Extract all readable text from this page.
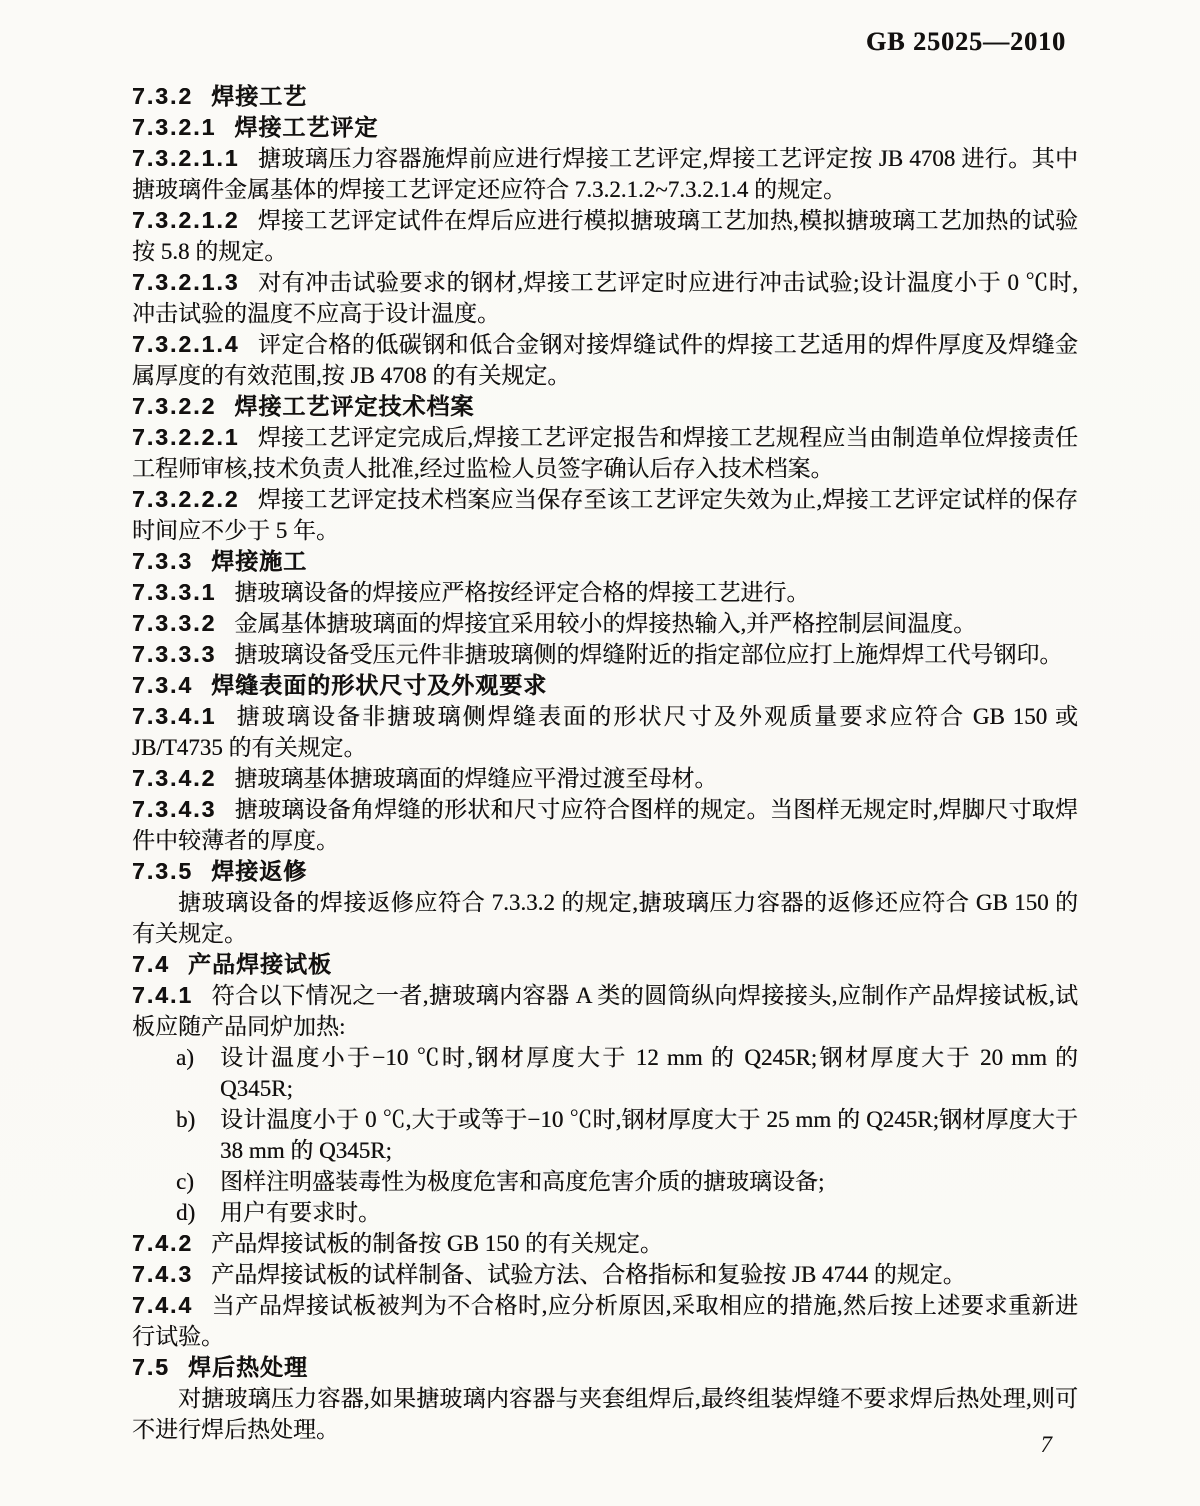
GB 25025—2010
7.3.2 焊接工艺
7.3.2.1 焊接工艺评定
7.3.2.1.1 搪玻璃压力容器施焊前应进行焊接工艺评定,焊接工艺评定按 JB 4708 进行。其中搪玻璃件金属基体的焊接工艺评定还应符合 7.3.2.1.2~7.3.2.1.4 的规定。
7.3.2.1.2 焊接工艺评定试件在焊后应进行模拟搪玻璃工艺加热,模拟搪玻璃工艺加热的试验按 5.8 的规定。
7.3.2.1.3 对有冲击试验要求的钢材,焊接工艺评定时应进行冲击试验;设计温度小于 0 ℃时,冲击试验的温度不应高于设计温度。
7.3.2.1.4 评定合格的低碳钢和低合金钢对接焊缝试件的焊接工艺适用的焊件厚度及焊缝金属厚度的有效范围,按 JB 4708 的有关规定。
7.3.2.2 焊接工艺评定技术档案
7.3.2.2.1 焊接工艺评定完成后,焊接工艺评定报告和焊接工艺规程应当由制造单位焊接责任工程师审核,技术负责人批准,经过监检人员签字确认后存入技术档案。
7.3.2.2.2 焊接工艺评定技术档案应当保存至该工艺评定失效为止,焊接工艺评定试样的保存时间应不少于 5 年。
7.3.3 焊接施工
7.3.3.1 搪玻璃设备的焊接应严格按经评定合格的焊接工艺进行。
7.3.3.2 金属基体搪玻璃面的焊接宜采用较小的焊接热输入,并严格控制层间温度。
7.3.3.3 搪玻璃设备受压元件非搪玻璃侧的焊缝附近的指定部位应打上施焊焊工代号钢印。
7.3.4 焊缝表面的形状尺寸及外观要求
7.3.4.1 搪玻璃设备非搪玻璃侧焊缝表面的形状尺寸及外观质量要求应符合 GB 150 或 JB/T4735 的有关规定。
7.3.4.2 搪玻璃基体搪玻璃面的焊缝应平滑过渡至母材。
7.3.4.3 搪玻璃设备角焊缝的形状和尺寸应符合图样的规定。当图样无规定时,焊脚尺寸取焊件中较薄者的厚度。
7.3.5 焊接返修
搪玻璃设备的焊接返修应符合 7.3.3.2 的规定,搪玻璃压力容器的返修还应符合 GB 150 的有关规定。
7.4 产品焊接试板
7.4.1 符合以下情况之一者,搪玻璃内容器 A 类的圆筒纵向焊接接头,应制作产品焊接试板,试板应随产品同炉加热:
a) 设计温度小于−10 ℃时,钢材厚度大于 12 mm 的 Q245R;钢材厚度大于 20 mm 的 Q345R;
b) 设计温度小于 0 ℃,大于或等于−10 ℃时,钢材厚度大于 25 mm 的 Q245R;钢材厚度大于 38 mm 的 Q345R;
c) 图样注明盛装毒性为极度危害和高度危害介质的搪玻璃设备;
d) 用户有要求时。
7.4.2 产品焊接试板的制备按 GB 150 的有关规定。
7.4.3 产品焊接试板的试样制备、试验方法、合格指标和复验按 JB 4744 的规定。
7.4.4 当产品焊接试板被判为不合格时,应分析原因,采取相应的措施,然后按上述要求重新进行试验。
7.5 焊后热处理
对搪玻璃压力容器,如果搪玻璃内容器与夹套组焊后,最终组装焊缝不要求焊后热处理,则可不进行焊后热处理。
7
